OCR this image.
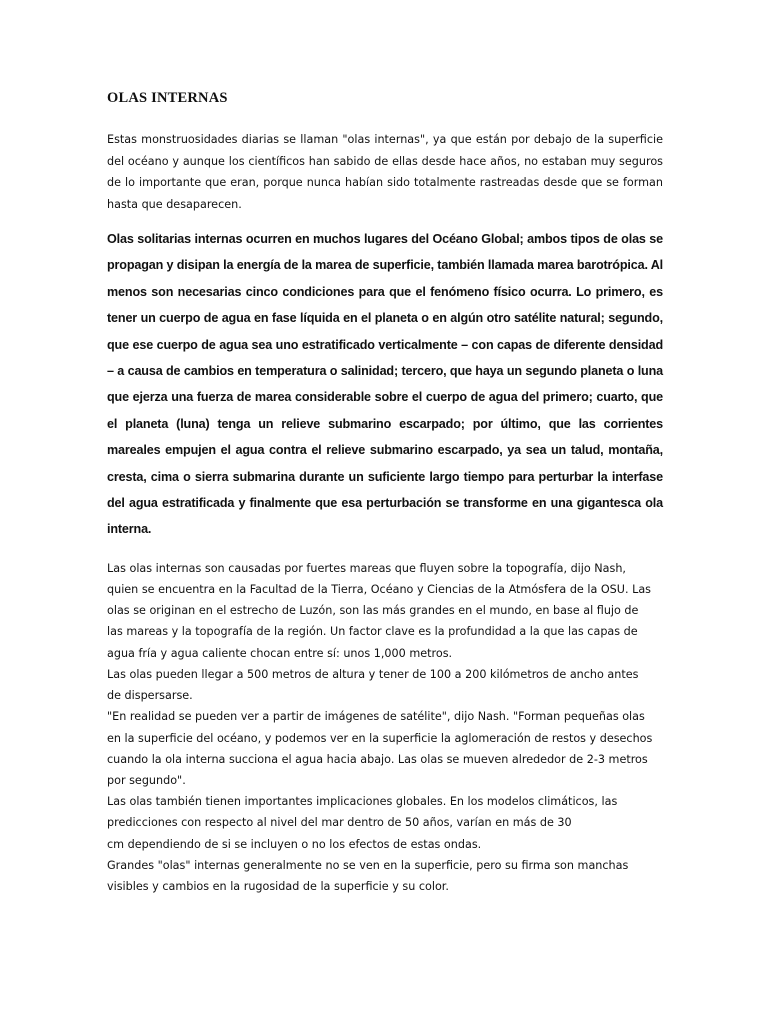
OLAS INTERNAS

Estas monstruosidades diarias se llaman "olas internas", ya que están por debajo de la superficie del océano y aunque los científicos han sabido de ellas desde hace años, no estaban muy seguros de lo importante que eran, porque nunca habían sido totalmente rastreadas desde que se forman hasta que desaparecen.

Olas solitarias internas ocurren en muchos lugares del Océano Global; ambos tipos de olas se propagan y disipan la energía de la marea de superficie, también llamada marea barotrópica. Al menos son necesarias cinco condiciones para que el fenómeno físico ocurra. Lo primero, es tener un cuerpo de agua en fase líquida en el planeta o en algún otro satélite natural; segundo, que ese cuerpo de agua sea uno estratificado verticalmente – con capas de diferente densidad – a causa de cambios en temperatura o salinidad; tercero, que haya un segundo planeta o luna que ejerza una fuerza de marea considerable sobre el cuerpo de agua del primero; cuarto, que el planeta (luna) tenga un relieve submarino escarpado; por último, que las corrientes mareales empujen el agua contra el relieve submarino escarpado, ya sea un talud, montaña, cresta, cima o sierra submarina durante un suficiente largo tiempo para perturbar la interfase del agua estratificada y finalmente que esa perturbación se transforme en una gigantesca ola interna.

Las olas internas son causadas por fuertes mareas que fluyen sobre la topografía, dijo Nash,
quien se encuentra en la Facultad de la Tierra, Océano y Ciencias de la Atmósfera de la OSU. Las
olas se originan en el estrecho de Luzón, son las más grandes en el mundo, en base al flujo de
las mareas y la topografía de la región. Un factor clave es la profundidad a la que las capas de
agua fría y agua caliente chocan entre sí: unos 1,000 metros.
Las olas pueden llegar a 500 metros de altura y tener de 100 a 200 kilómetros de ancho antes
de dispersarse.
"En realidad se pueden ver a partir de imágenes de satélite", dijo Nash. "Forman pequeñas olas
en la superficie del océano, y podemos ver en la superficie la aglomeración de restos y desechos
cuando la ola interna succiona el agua hacia abajo. Las olas se mueven alrededor de 2-3 metros
por segundo".
Las olas también tienen importantes implicaciones globales. En los modelos climáticos, las
predicciones con respecto al nivel del mar dentro de 50 años, varían en más de 30
cm dependiendo de si se incluyen o no los efectos de estas ondas.
Grandes "olas" internas generalmente no se ven en la superficie, pero su firma son manchas
visibles y cambios en la rugosidad de la superficie y su color.
